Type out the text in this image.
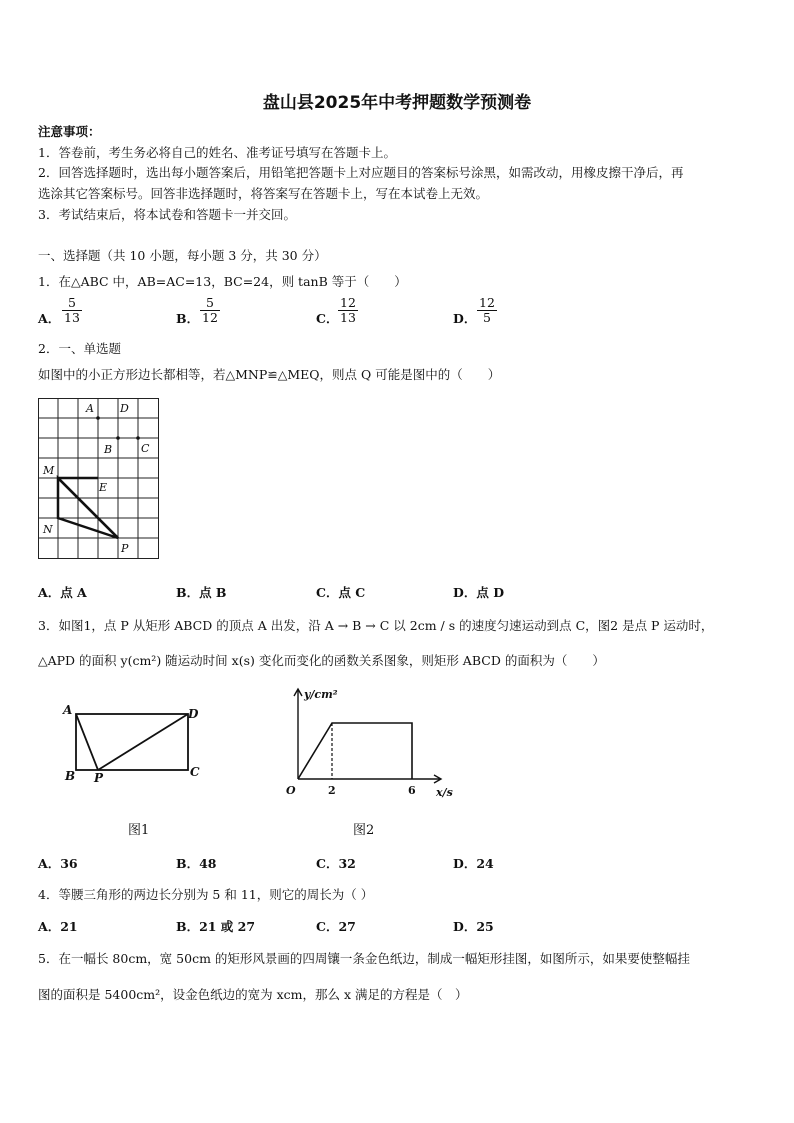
盘山县2025年中考押题数学预测卷
注意事项：
1．答卷前，考生务必将自己的姓名、准考证号填写在答题卡上。
2．回答选择题时，选出每小题答案后，用铅笔把答题卡上对应题目的答案标号涂黑，如需改动，用橡皮擦干净后，再
选涂其它答案标号。回答非选择题时，将答案写在答题卡上，写在本试卷上无效。
3．考试结束后，将本试卷和答题卡一并交回。
一、选择题（共 10 小题，每小题 3 分，共 30 分）
1．在△ABC 中，AB=AC=13，BC=24，则 tanB 等于（　　）
A．
5
13	B．
5
12	C．
12
13	D．
12
5
2．一、单选题
如图中的小正方形边长都相等，若△MNP≌△MEQ，则点 Q 可能是图中的（　　）
A D
B	C
M
E
N
P
A．点 A	B．点 B	C．点 C	D．点 D
3．如图1，点 P 从矩形 ABCD 的顶点 A 出发，沿 A → B → C 以 2cm / s 的速度匀速运动到点 C，图2 是点 P 运动时，
△APD 的面积 y(cm²) 随运动时间 x(s) 变化而变化的函数关系图象，则矩形 ABCD 的面积为（　　）
A	D
B P	C
图1
y/cm²
O	2	6 x/s
图2
A．36	B．48	C．32	D．24
4．等腰三角形的两边长分别为 5 和 11，则它的周长为（ ）
A．21	B．21 或 27	C．27	D．25
5．在一幅长 80cm，宽 50cm 的矩形风景画的四周镶一条金色纸边，制成一幅矩形挂图，如图所示，如果要使整幅挂
图的面积是 5400cm²，设金色纸边的宽为 xcm，那么 x 满足的方程是（　）
